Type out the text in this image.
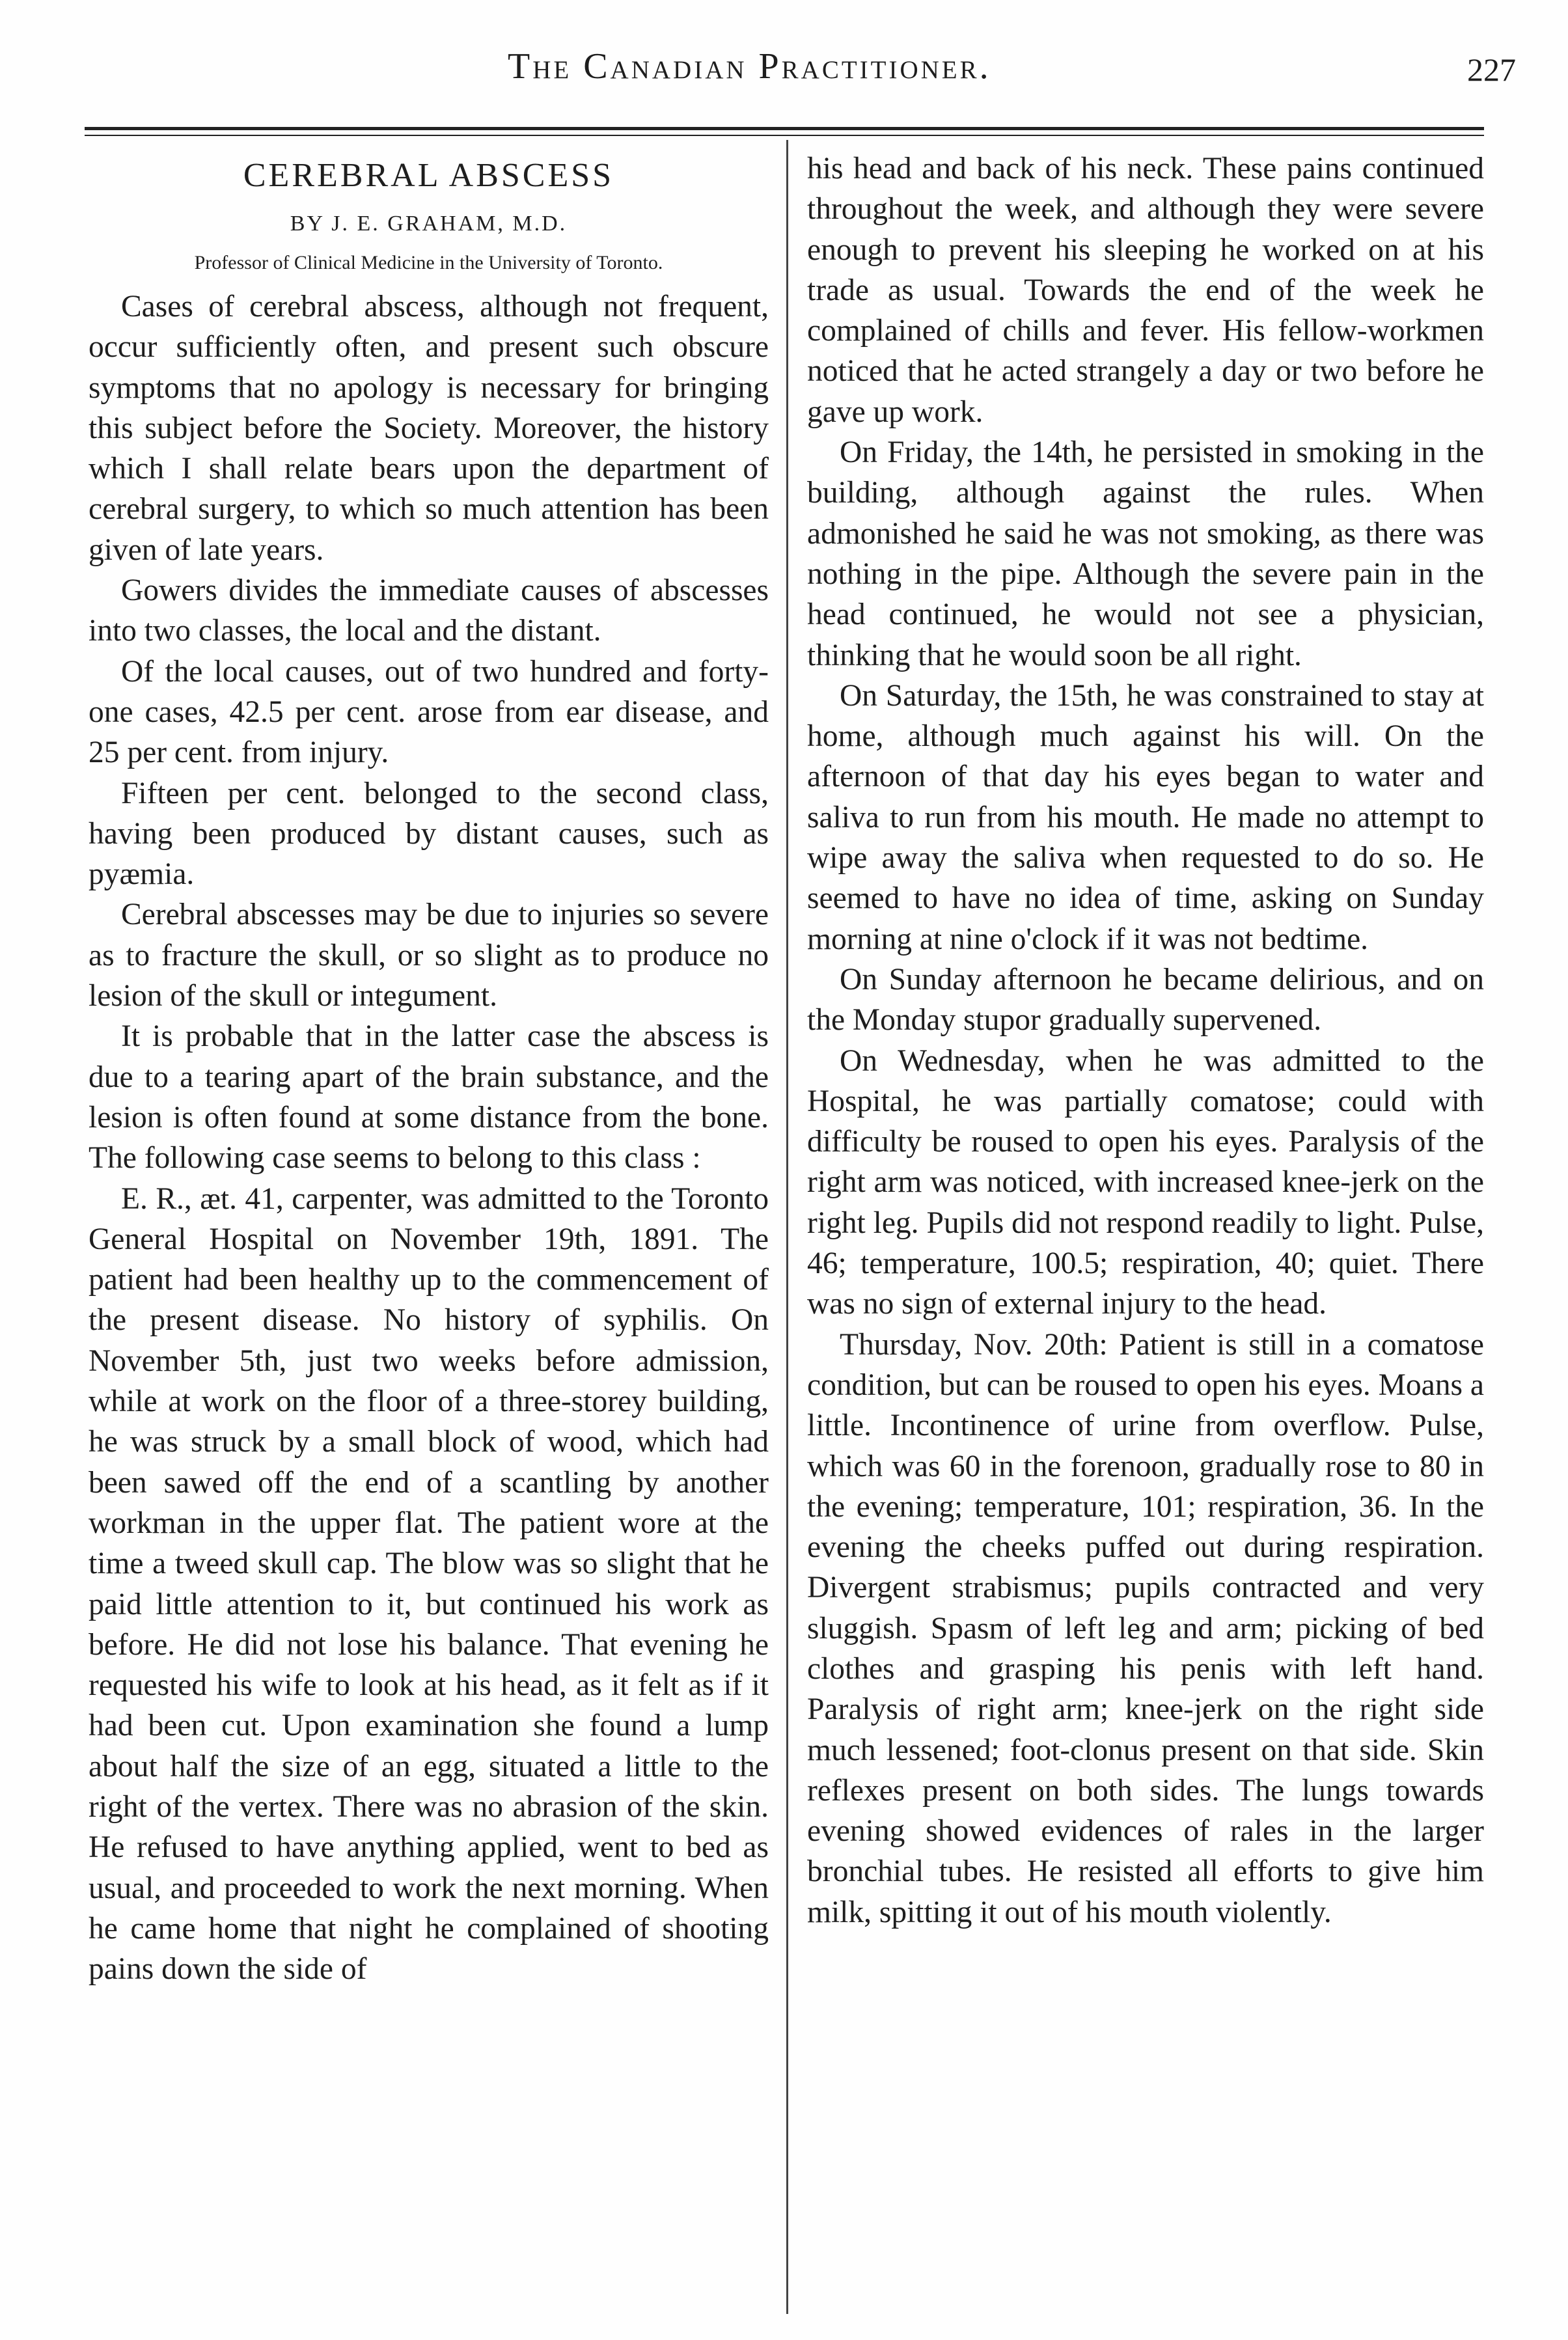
The Canadian Practitioner.	227
CEREBRAL ABSCESS
BY J. E. GRAHAM, M.D.
Professor of Clinical Medicine in the University of Toronto.

Cases of cerebral abscess, although not frequent, occur sufficiently often, and present such obscure symptoms that no apology is necessary for bringing this subject before the Society. Moreover, the history which I shall relate bears upon the department of cerebral surgery, to which so much attention has been given of late years.

Gowers divides the immediate causes of abscesses into two classes, the local and the distant.

Of the local causes, out of two hundred and forty-one cases, 42.5 per cent. arose from ear disease, and 25 per cent. from injury.

Fifteen per cent. belonged to the second class, having been produced by distant causes, such as pyæmia.

Cerebral abscesses may be due to injuries so severe as to fracture the skull, or so slight as to produce no lesion of the skull or integument.

It is probable that in the latter case the abscess is due to a tearing apart of the brain substance, and the lesion is often found at some distance from the bone. The following case seems to belong to this class :

E. R., æt. 41, carpenter, was admitted to the Toronto General Hospital on November 19th, 1891. The patient had been healthy up to the commencement of the present disease. No history of syphilis. On November 5th, just two weeks before admission, while at work on the floor of a three-storey building, he was struck by a small block of wood, which had been sawed off the end of a scantling by another workman in the upper flat. The patient wore at the time a tweed skull cap. The blow was so slight that he paid little attention to it, but continued his work as before. He did not lose his balance. That evening he requested his wife to look at his head, as it felt as if it had been cut. Upon examination she found a lump about half the size of an egg, situated a little to the right of the vertex. There was no abrasion of the skin. He refused to have anything applied, went to bed as usual, and proceeded to work the next morning. When he came home that night he complained of shooting pains down the side of

his head and back of his neck. These pains continued throughout the week, and although they were severe enough to prevent his sleeping he worked on at his trade as usual. Towards the end of the week he complained of chills and fever. His fellow-workmen noticed that he acted strangely a day or two before he gave up work.

On Friday, the 14th, he persisted in smoking in the building, although against the rules. When admonished he said he was not smoking, as there was nothing in the pipe. Although the severe pain in the head continued, he would not see a physician, thinking that he would soon be all right.

On Saturday, the 15th, he was constrained to stay at home, although much against his will. On the afternoon of that day his eyes began to water and saliva to run from his mouth. He made no attempt to wipe away the saliva when requested to do so. He seemed to have no idea of time, asking on Sunday morning at nine o'clock if it was not bedtime.

On Sunday afternoon he became delirious, and on the Monday stupor gradually supervened.

On Wednesday, when he was admitted to the Hospital, he was partially comatose; could with difficulty be roused to open his eyes. Paralysis of the right arm was noticed, with increased knee-jerk on the right leg. Pupils did not respond readily to light. Pulse, 46; temperature, 100.5; respiration, 40; quiet. There was no sign of external injury to the head.

Thursday, Nov. 20th: Patient is still in a comatose condition, but can be roused to open his eyes. Moans a little. Incontinence of urine from overflow. Pulse, which was 60 in the forenoon, gradually rose to 80 in the evening; temperature, 101; respiration, 36. In the evening the cheeks puffed out during respiration. Divergent strabismus; pupils contracted and very sluggish. Spasm of left leg and arm; picking of bed clothes and grasping his penis with left hand. Paralysis of right arm; knee-jerk on the right side much lessened; foot-clonus present on that side. Skin reflexes present on both sides. The lungs towards evening showed evidences of rales in the larger bronchial tubes. He resisted all efforts to give him milk, spitting it out of his mouth violently.
